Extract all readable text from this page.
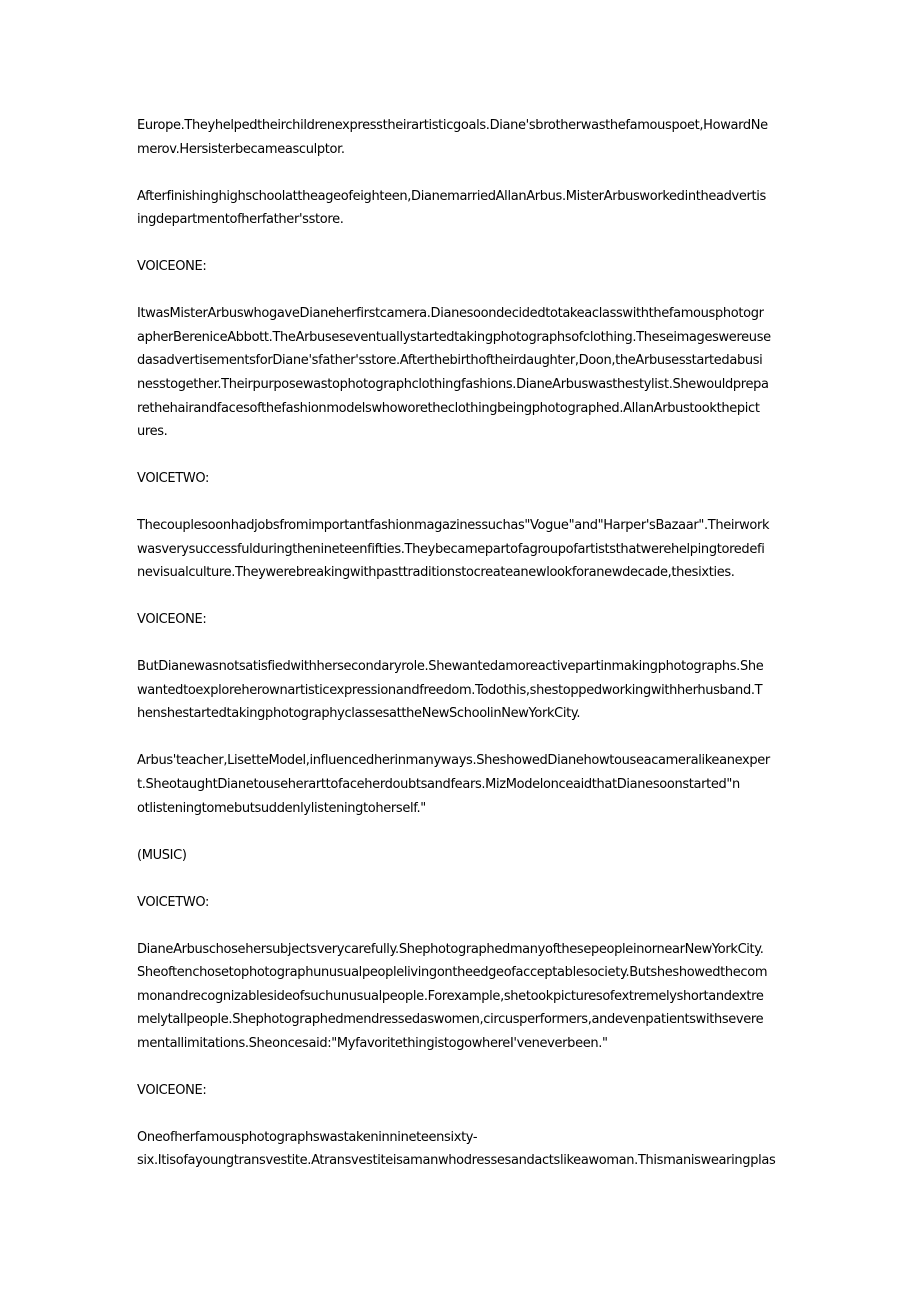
Europe.Theyhelpedtheirchildrenexpresstheirartisticgoals.Diane'sbrotherwasthefamouspoet,HowardNe
merov.Hersisterbecameasculptor.

Afterfinishinghighschoolattheageofeighteen,DianemarriedAllanArbus.MisterArbusworkedintheadvertis
ingdepartmentofherfather'sstore.

VOICEONE:

ItwasMisterArbuswhogaveDianeherfirstcamera.Dianesoondecidedtotakeaclasswiththefamousphotogr
apherBereniceAbbott.TheArbuseseventuallystartedtakingphotographsofclothing.Theseimageswereuse
dasadvertisementsforDiane'sfather'sstore.Afterthebirthoftheirdaughter,Doon,theArbusesstartedabusi
nesstogether.Theirpurposewastophotographclothingfashions.DianeArbuswasthestylist.Shewouldprepa
rethehairandfacesofthefashionmodelswhoworetheclothingbeingphotographed.AllanArbustookthepict
ures.

VOICETWO:

Thecouplesoonhadjobsfromimportantfashionmagazinessuchas"Vogue"and"Harper'sBazaar".Theirwork
wasverysuccessfulduringthenineteenfifties.Theybecamepartofagroupofartiststhatwerehelpingtoredefi
nevisualculture.Theywerebreakingwithpasttraditionstocreateanewlookforanewdecade,thesixties.

VOICEONE:

ButDianewasnotsatisfiedwithhersecondaryrole.Shewantedamoreactivepartinmakingphotographs.She
wantedtoexploreherownartisticexpressionandfreedom.Todothis,shestoppedworkingwithherhusband.T
henshestartedtakingphotographyclassesattheNewSchoolinNewYorkCity.

Arbus'teacher,LisetteModel,influencedherinmanyways.SheshowedDianehowtouseacameralikeanexper
t.SheotaughtDianetouseherarttofaceherdoubtsandfears.MizModelonceaidthatDianesoonstarted"n
otlisteningtomebutsuddenlylisteningtoherself."

(MUSIC)

VOICETWO:

DianeArbuschosehersubjectsverycarefully.ShephotographedmanyofthesepeopleinornearNewYorkCity.
Sheoftenchosetophotographunusualpeoplelivingontheedgeofacceptablesociety.Butsheshowedthecom
monandrecognizablesideofsuchunusualpeople.Forexample,shetookpicturesofextremelyshortandextre
melytallpeople.Shephotographedmendressedaswomen,circusperformers,andevenpatientswithsevere
mentallimitations.Sheoncesaid:"MyfavoritethingistogowhereI'veneverbeen."

VOICEONE:

Oneofherfamousphotographswastakeninnineteensixty-
six.Itisofayoungtransvestite.Atransvestiteisamanwhodressesandactslikeawoman.Thismaniswearingplas
